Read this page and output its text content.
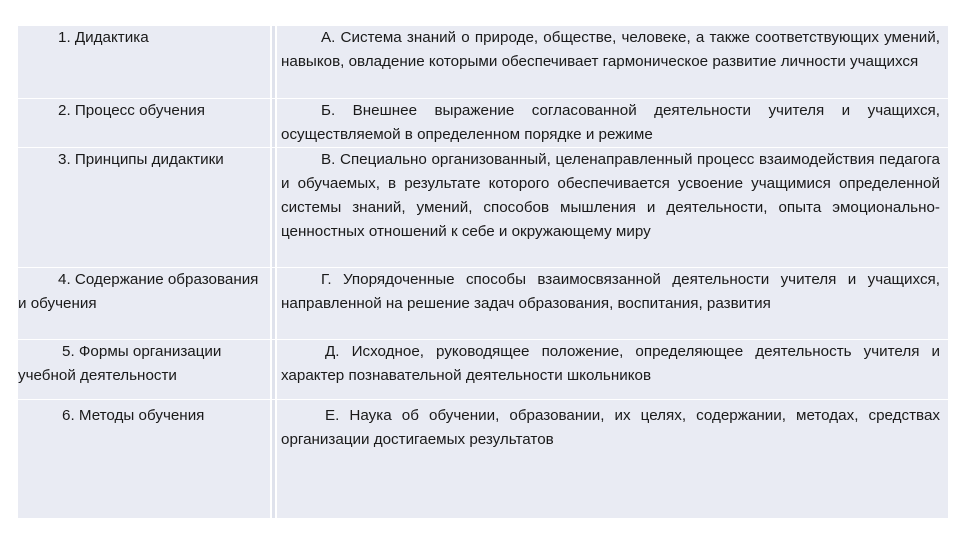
1. Дидактика		А. Система знаний о природе, обществе, человеке, а также соответствующих умений, навыков, овладение которыми обеспечивает гармоническое развитие личности учащихся

2. Процесс обучения		Б. Внешнее выражение согласованной деятельности учителя и учащихся, осуществляемой в определенном порядке и режиме

3. Принципы дидактики		В. Специально организованный, целенаправленный процесс взаимодействия педагога и обучаемых, в результате которого обеспечивается усвоение учащимися определенной системы знаний, умений, способов мышления и деятельности, опыта эмоционально-ценностных отношений к себе и окружающему миру

4. Содержание образования и обучения		Г. Упорядоченные способы взаимосвязанной деятельности учителя и учащихся, направленной на решение задач образования, воспитания, развития

5. Формы организации учебной деятельности		Д. Исходное, руководящее положение, определяющее деятельность учителя и характер познавательной деятельности школьников

6. Методы обучения		Е. Наука об обучении, образовании, их целях, содержании, методах, средствах организации достигаемых результатов
